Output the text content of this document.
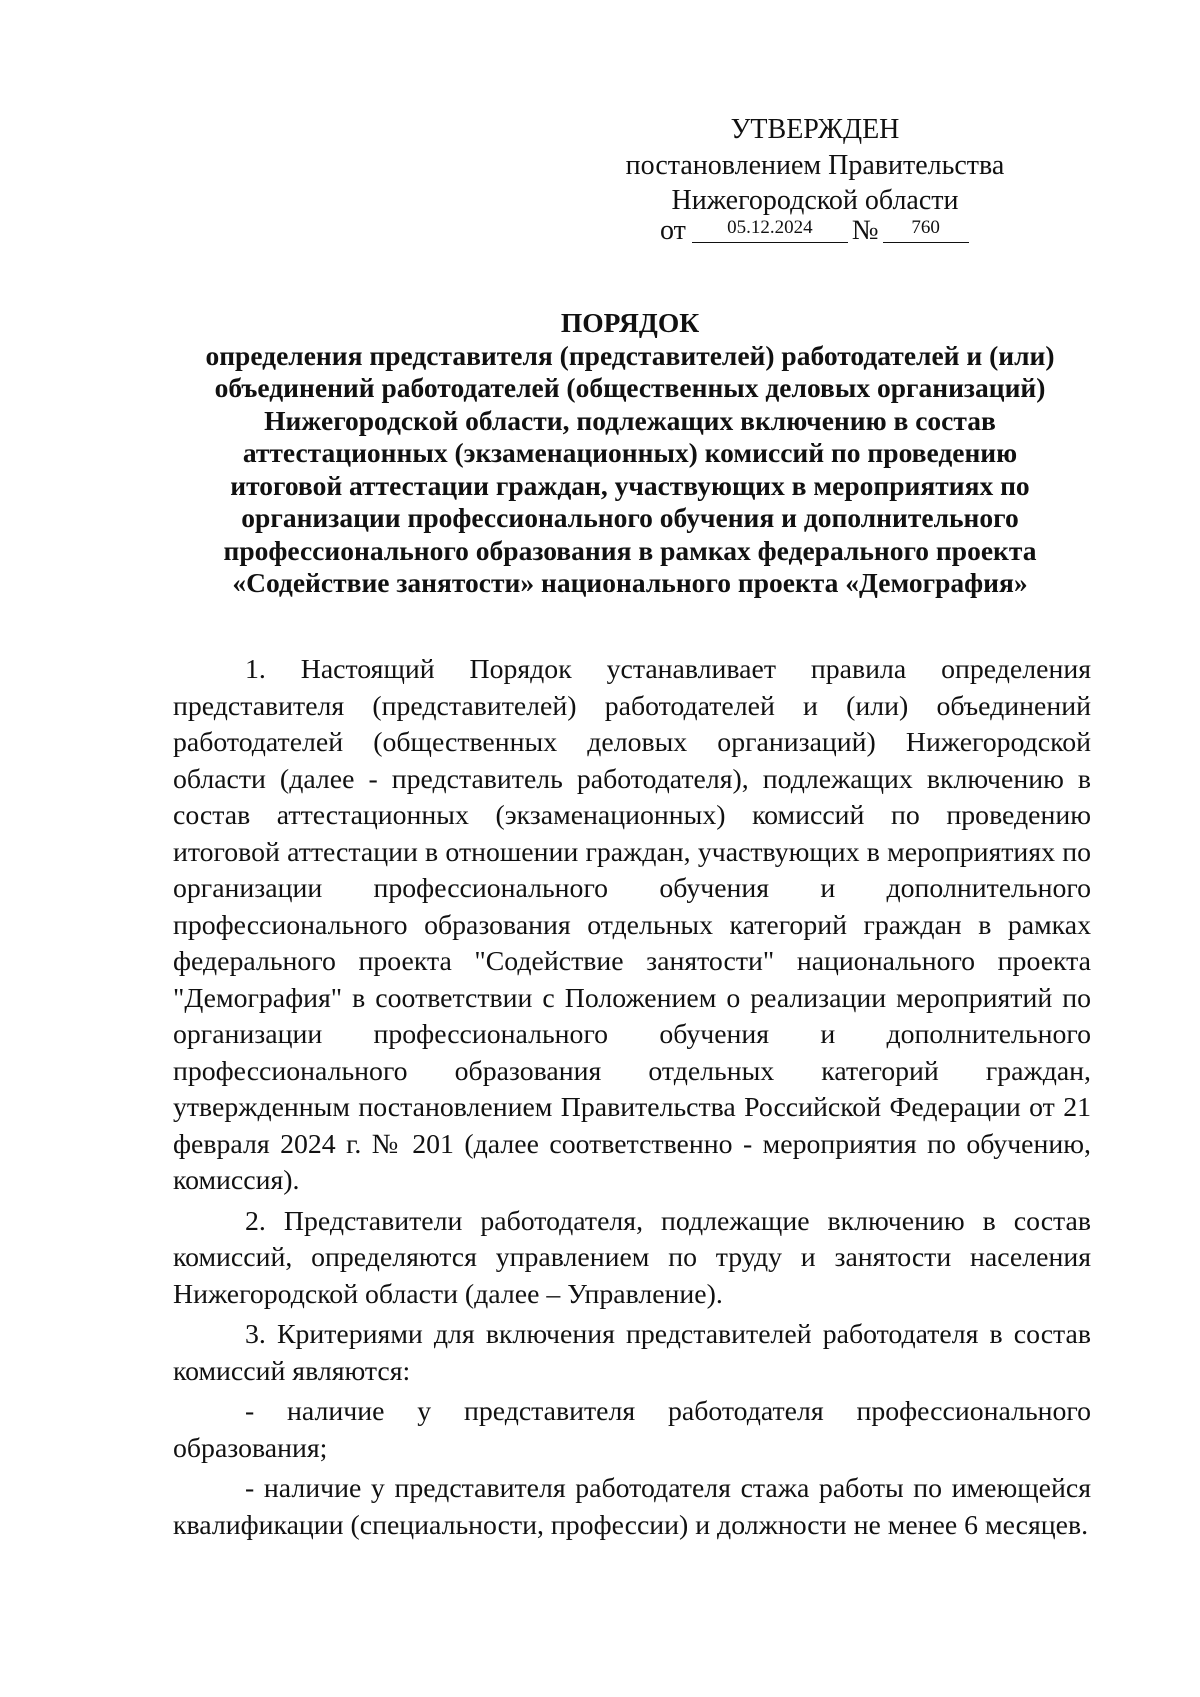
УТВЕРЖДЕН
постановлением Правительства
Нижегородской области
от 05.12.2024 № 760
ПОРЯДОК
определения представителя (представителей) работодателей и (или)
объединений работодателей (общественных деловых организаций)
Нижегородской области, подлежащих включению в состав
аттестационных (экзаменационных) комиссий по проведению
итоговой аттестации граждан, участвующих в мероприятиях по
организации профессионального обучения и дополнительного
профессионального образования в рамках федерального проекта
«Содействие занятости» национального проекта «Демография»

1. Настоящий Порядок устанавливает правила определения представителя (представителей) работодателей и (или) объединений работодателей (общественных деловых организаций) Нижегородской области (далее - представитель работодателя), подлежащих включению в состав аттестационных (экзаменационных) комиссий по проведению итоговой аттестации в отношении граждан, участвующих в мероприятиях по организации профессионального обучения и дополнительного профессионального образования отдельных категорий граждан в рамках федерального проекта "Содействие занятости" национального проекта "Демография" в соответствии с Положением о реализации мероприятий по организации профессионального обучения и дополнительного профессионального образования отдельных категорий граждан, утвержденным постановлением Правительства Российской Федерации от 21 февраля 2024 г. № 201 (далее соответственно - мероприятия по обучению, комиссия).

2. Представители работодателя, подлежащие включению в состав комиссий, определяются управлением по труду и занятости населения Нижегородской области (далее – Управление).

3. Критериями для включения представителей работодателя в состав комиссий являются:

- наличие у представителя работодателя профессионального образования;

- наличие у представителя работодателя стажа работы по имеющейся квалификации (специальности, профессии) и должности не менее 6 месяцев.
